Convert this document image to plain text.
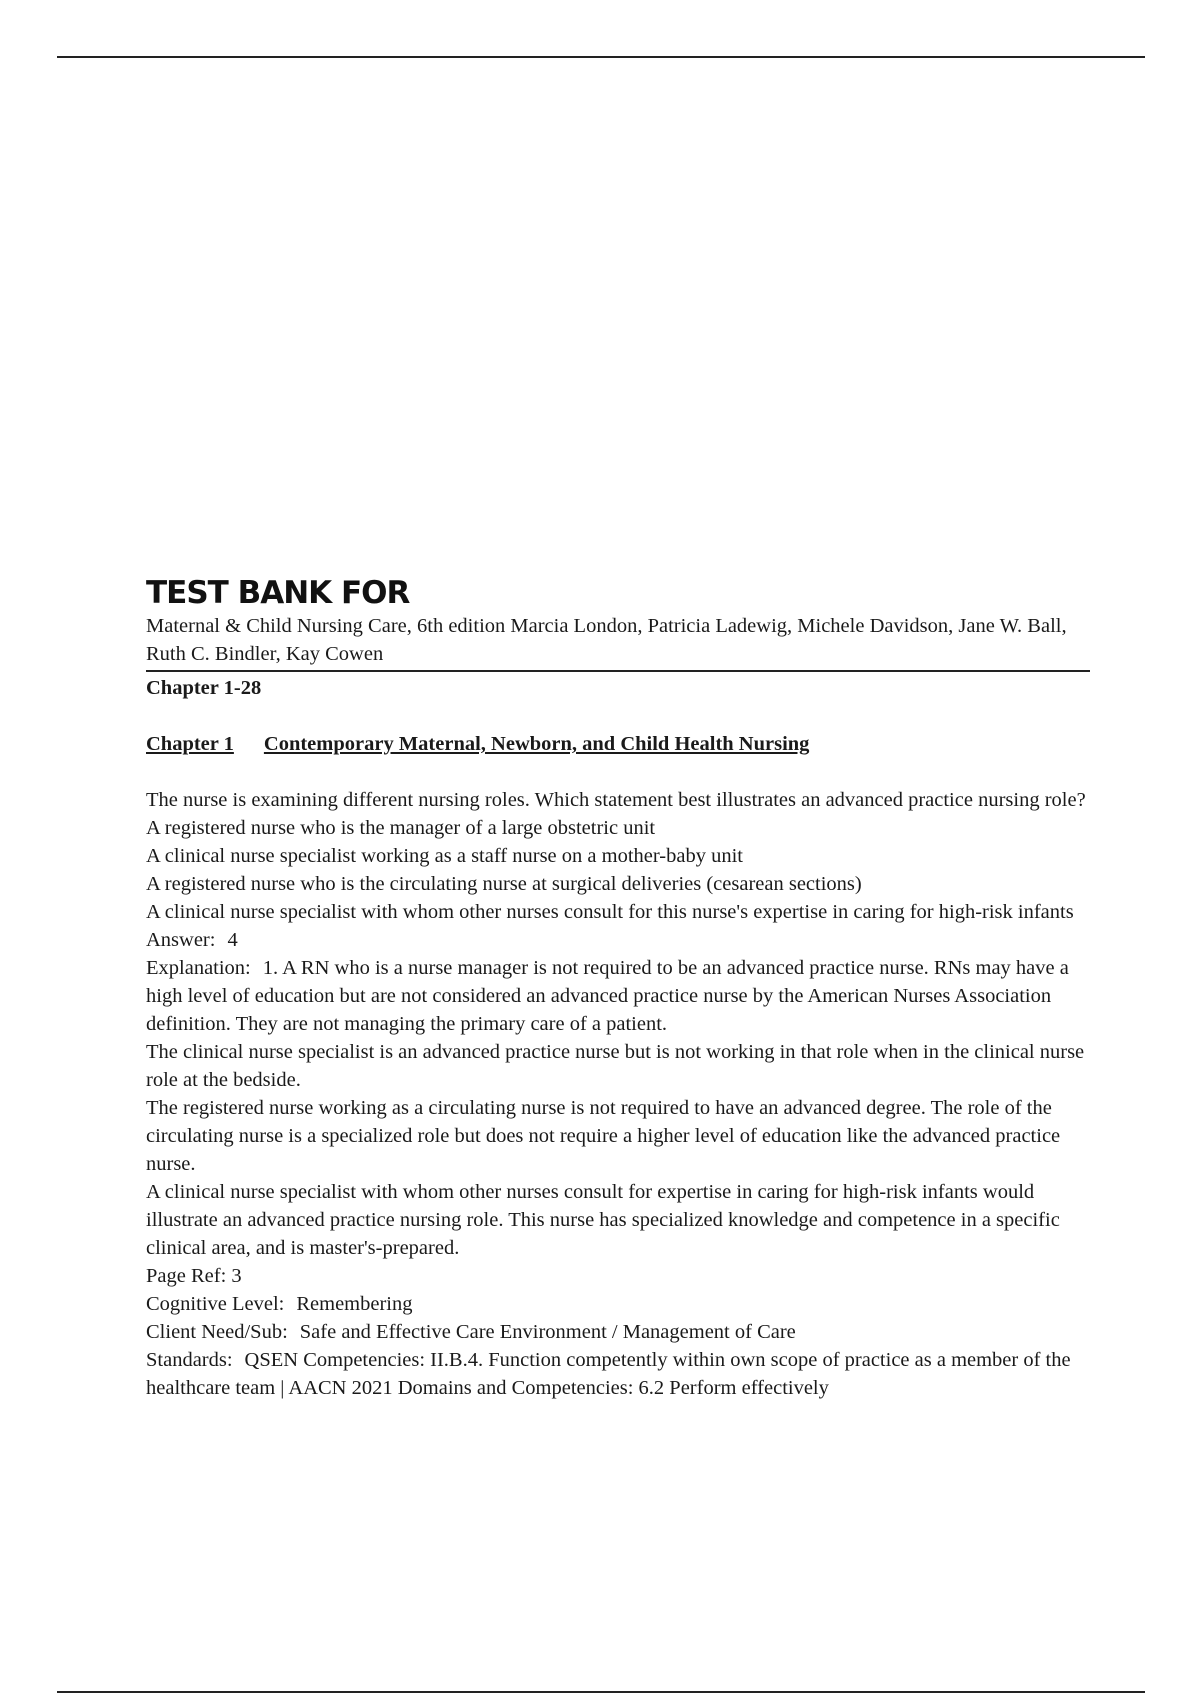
TEST BANK FOR

Maternal & Child Nursing Care, 6th edition Marcia London, Patricia Ladewig, Michele Davidson, Jane W. Ball, Ruth C. Bindler, Kay Cowen

Chapter 1-28

Chapter 1 Contemporary Maternal, Newborn, and Child Health Nursing

The nurse is examining different nursing roles. Which statement best illustrates an advanced practice nursing role?

A registered nurse who is the manager of a large obstetric unit

A clinical nurse specialist working as a staff nurse on a mother-baby unit

A registered nurse who is the circulating nurse at surgical deliveries (cesarean sections)

A clinical nurse specialist with whom other nurses consult for this nurse's expertise in caring for high-risk infants

Answer: 4

Explanation: 1. A RN who is a nurse manager is not required to be an advanced practice nurse. RNs may have a high level of education but are not considered an advanced practice nurse by the American Nurses Association definition. They are not managing the primary care of a patient.

The clinical nurse specialist is an advanced practice nurse but is not working in that role when in the clinical nurse role at the bedside.

The registered nurse working as a circulating nurse is not required to have an advanced degree. The role of the circulating nurse is a specialized role but does not require a higher level of education like the advanced practice nurse.

A clinical nurse specialist with whom other nurses consult for expertise in caring for high-risk infants would illustrate an advanced practice nursing role. This nurse has specialized knowledge and competence in a specific clinical area, and is master's-prepared.

Page Ref: 3

Cognitive Level: Remembering

Client Need/Sub: Safe and Effective Care Environment / Management of Care

Standards: QSEN Competencies: II.B.4. Function competently within own scope of practice as a member of the healthcare team | AACN 2021 Domains and Competencies: 6.2 Perform effectively
